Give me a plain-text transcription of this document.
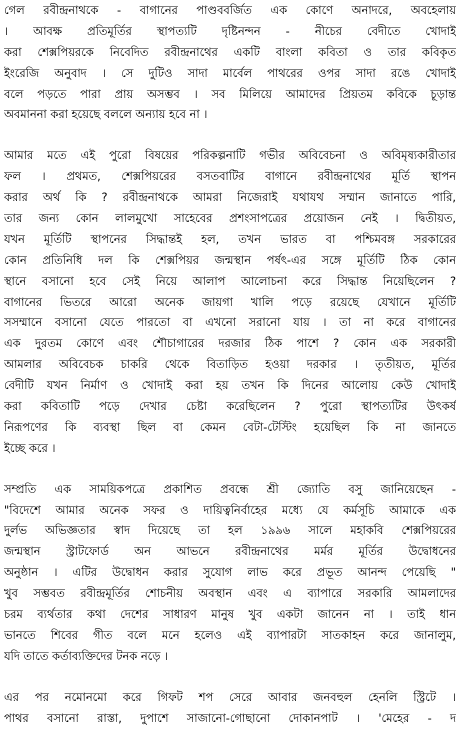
গেল রবীন্দ্রনাথকে - বাগানের পাণ্ডববর্জিত এক কোণে অনাদরে, অবহেলায়
। আবক্ষ প্রতিমূর্তির স্থাপত্যটি দৃষ্টিনন্দন - নীচের বেদীতে খোদাই
করা শেক্সপিয়রকে নিবেদিত রবীন্দ্রনাথের একটি বাংলা কবিতা ও তার কবিকৃত
ইংরেজি অনুবাদ । সে দুটিও সাদা মার্বেল পাথরের ওপর সাদা রঙে খোদাই
বলে পড়তে পারা প্রায় অসম্ভব । সব মিলিয়ে আমাদের প্রিয়তম কবিকে চূড়ান্ত
অবমাননা করা হয়েছে বললে অন্যায় হবে না ।
আমার মতে এই পুরো বিষয়ের পরিকল্পনাটি গভীর অবিবেচনা ও অবিমৃষ্যকারীতার
ফল । প্রথমত, শেক্সপিয়রের বসতবাটির বাগানে রবীন্দ্রনাথের মূর্তি স্থাপন
করার অর্থ কি ? রবীন্দ্রনাথকে আমরা নিজেরাই যথাযথ সম্মান জানাতে পারি,
তার জন্য কোন লালমুখো সাহেবের প্রশংসাপত্রের প্রয়োজন নেই । দ্বিতীয়ত,
যখন মূর্তিটি স্থাপনের সিদ্ধান্তই হল, তখন ভারত বা পশ্চিমবঙ্গ সরকারের
কোন প্রতিনিধি দল কি শেক্সপিয়র জন্মস্থান পর্ষৎ-এর সঙ্গে মূর্তিটি ঠিক কোন
স্থানে বসানো হবে সেই নিয়ে আলাপ আলোচনা করে সিদ্ধান্ত নিয়েছিলেন ?
বাগানের ভিতরে আরো অনেক জায়গা খালি পড়ে রয়েছে যেখানে মূর্তিটি
সসম্মানে বসানো যেতে পারতো বা এখনো সরানো যায় । তা না করে বাগানের
এক দুরতম কোণে এবং শৌচাগারের দরজার ঠিক পাশে ? কোন এক সরকারী
আমলার অবিবেচক চাকরি থেকে বিতাড়িত হওয়া দরকার । তৃতীয়ত, মূর্তির
বেদীটি যখন নির্মাণ ও খোদাই করা হয় তখন কি দিনের আলোয় কেউ খোদাই
করা কবিতাটি পড়ে দেখার চেষ্টা করেছিলেন ? পুরো স্থাপত্যটির উৎকর্ষ
নিরূপণের কি ব্যবস্থা ছিল বা কেমন বেটা-টেস্টিং হয়েছিল কি না জানতে
ইচ্ছে করে ।
সম্প্রতি এক সাময়িকপত্রে প্রকাশিত প্রবন্ধে শ্রী জ্যোতি বসু জানিয়েছেন -
"বিদেশে আমার অনেক সফর ও দায়িত্বনির্বাহের মধ্যে যে কর্মসূচি আমাকে এক
দুর্লভ অভিজ্ঞতার স্বাদ দিয়েছে তা হল ১৯৯৬ সালে মহাকবি শেক্সপিয়রের
জন্মস্থান স্ট্রাটফোর্ড অন আভনে রবীন্দ্রনাথের মর্মর মূর্তির উদ্বোধনের
অনুষ্ঠান । এটির উদ্বোধন করার সুযোগ লাভ করে প্রভূত আনন্দ পেয়েছি "
খুব সম্ভবত রবীন্দ্রমূর্তির শোচনীয় অবস্থান এবং এ ব্যাপারে সরকারি আমলাদের
চরম ব্যর্থতার কথা দেশের সাধারণ মানুষ খুব একটা জানেন না । তাই ধান
ভানতে শিবের গীত বলে মনে হলেও এই ব্যাপারটা সাতকাহন করে জানালুম,
যদি তাতে কর্তাব্যক্তিদের টনক নড়ে ।
এর পর নমোনমো করে গিফট শপ সেরে আবার জনবহুল হেনলি স্ট্রিটে ।
পাথর বসানো রাস্তা, দুপাশে সাজানো-গোছানো দোকানপাট । 'মেহের - দ
